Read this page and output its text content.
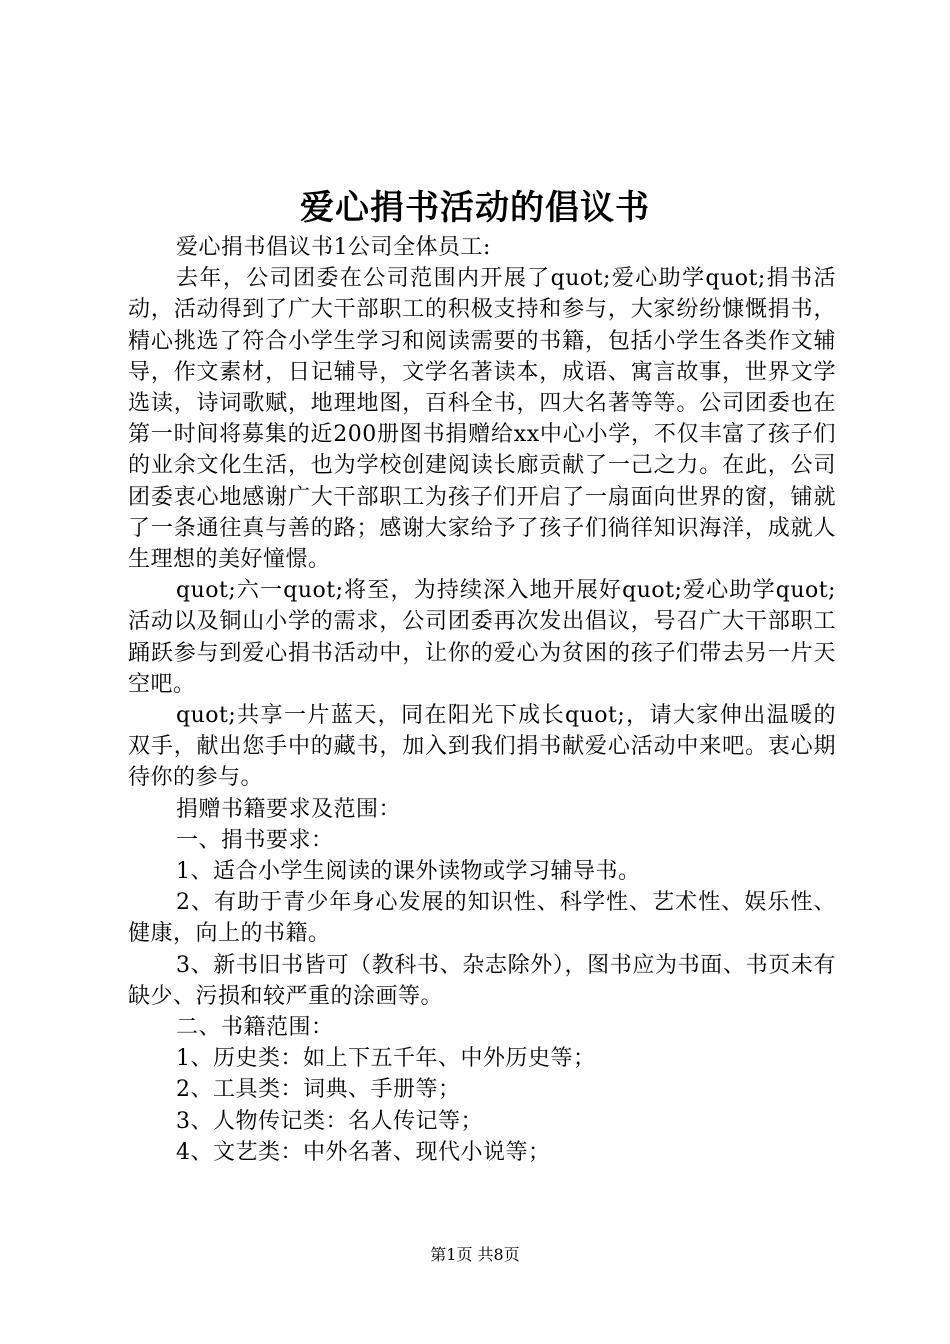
爱心捐书活动的倡议书

爱心捐书倡议书1公司全体员工:

去年，公司团委在公司范围内开展了quot;爱心助学quot;捐书活动，活动得到了广大干部职工的积极支持和参与，大家纷纷慷慨捐书，精心挑选了符合小学生学习和阅读需要的书籍，包括小学生各类作文辅导，作文素材，日记辅导，文学名著读本，成语、寓言故事，世界文学选读，诗词歌赋，地理地图，百科全书，四大名著等等。公司团委也在第一时间将募集的近200册图书捐赠给xx中心小学，不仅丰富了孩子们的业余文化生活，也为学校创建阅读长廊贡献了一己之力。在此，公司团委衷心地感谢广大干部职工为孩子们开启了一扇面向世界的窗，铺就了一条通往真与善的路；感谢大家给予了孩子们徜徉知识海洋，成就人生理想的美好憧憬。

quot;六一quot;将至，为持续深入地开展好quot;爱心助学quot;活动以及铜山小学的需求，公司团委再次发出倡议，号召广大干部职工踊跃参与到爱心捐书活动中，让你的爱心为贫困的孩子们带去另一片天空吧。

quot;共享一片蓝天，同在阳光下成长quot;，请大家伸出温暖的双手，献出您手中的藏书，加入到我们捐书献爱心活动中来吧。衷心期待你的参与。

捐赠书籍要求及范围：

一、捐书要求：

1、适合小学生阅读的课外读物或学习辅导书。

2、有助于青少年身心发展的知识性、科学性、艺术性、娱乐性、健康，向上的书籍。

3、新书旧书皆可（教科书、杂志除外），图书应为书面、书页未有缺少、污损和较严重的涂画等。

二、书籍范围：

1、历史类：如上下五千年、中外历史等；

2、工具类：词典、手册等；

3、人物传记类：名人传记等；

4、文艺类：中外名著、现代小说等；

第1页 共8页
